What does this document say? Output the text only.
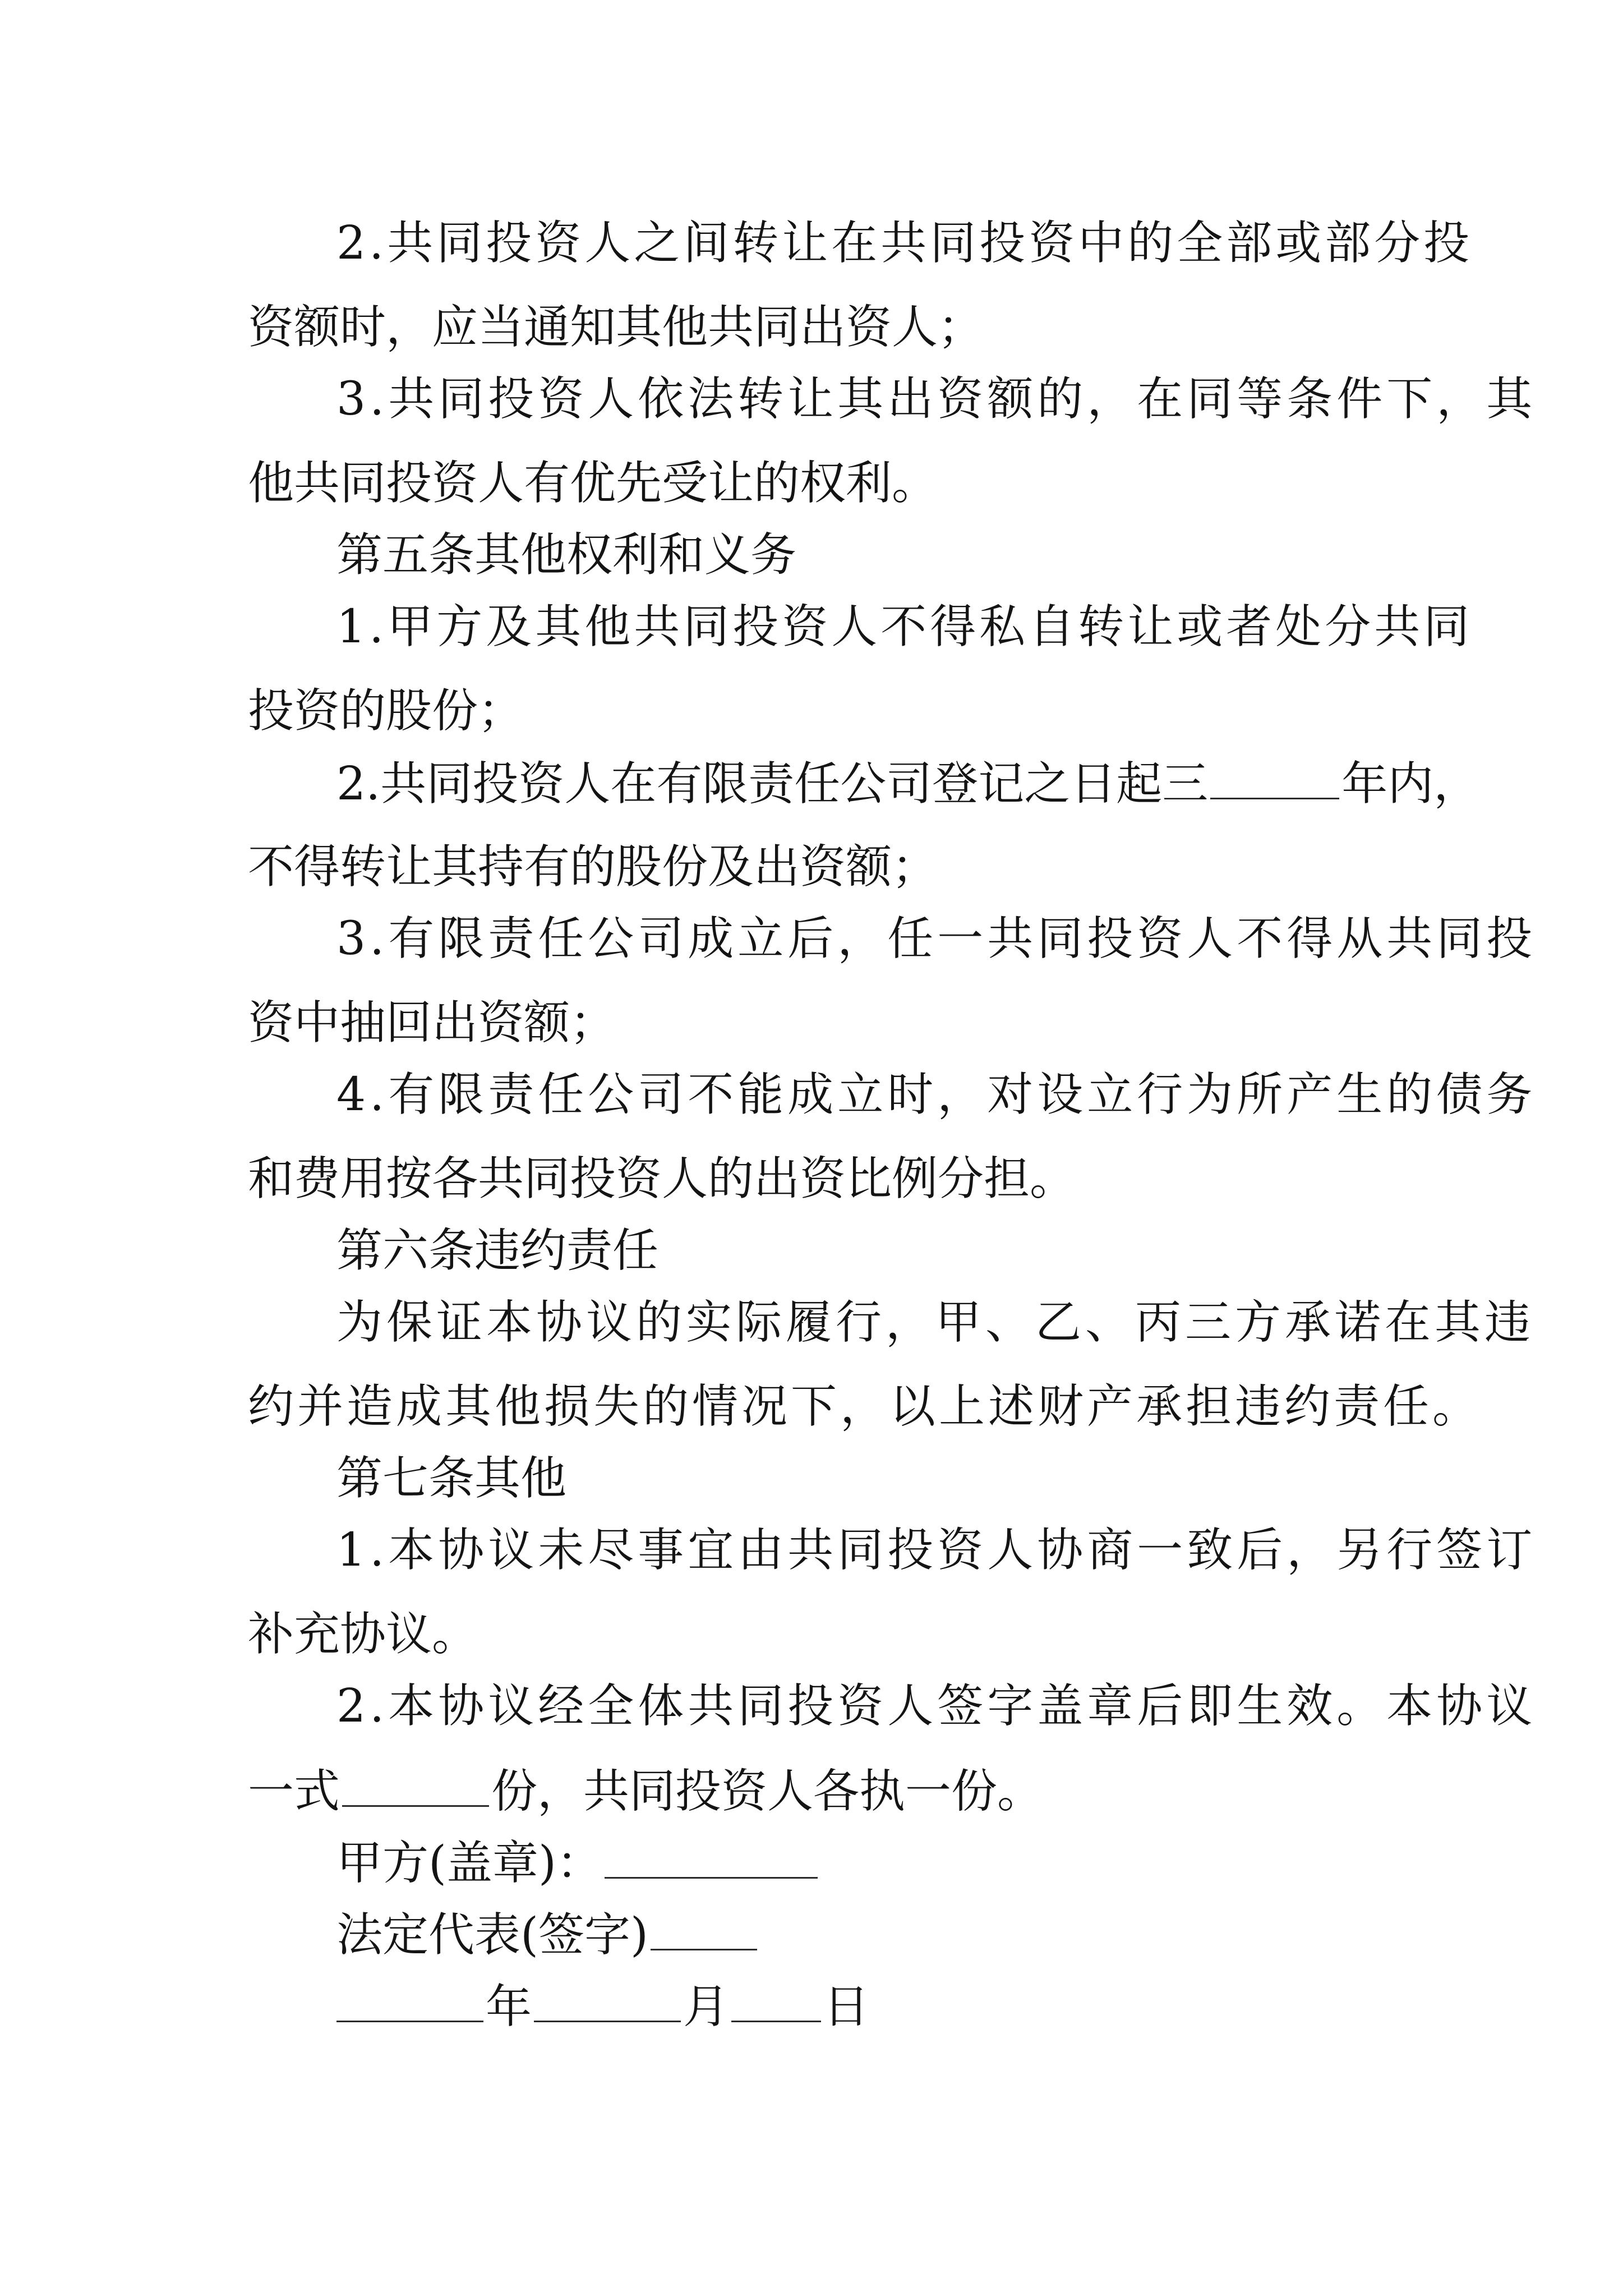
2.共同投资人之间转让在共同投资中的全部或部分投

资额时，应当通知其他共同出资人；

3.共同投资人依法转让其出资额的，在同等条件下，其

他共同投资人有优先受让的权利。

第五条其他权利和义务

1.甲方及其他共同投资人不得私自转让或者处分共同

投资的股份；

2.共同投资人在有限责任公司登记之日起三	年内，

不得转让其持有的股份及出资额；

3.有限责任公司成立后，任一共同投资人不得从共同投

资中抽回出资额；

4.有限责任公司不能成立时，对设立行为所产生的债务

和费用按各共同投资人的出资比例分担。

第六条违约责任

为保证本协议的实际履行，甲、乙、丙三方承诺在其违

约并造成其他损失的情况下，以上述财产承担违约责任。

第七条其他

1.本协议未尽事宜由共同投资人协商一致后，另行签订

补充协议。

2.本协议经全体共同投资人签字盖章后即生效。本协议

一式	份，共同投资人各执一份。

甲方(盖章)：
法定代表(签字)
年	月 日
